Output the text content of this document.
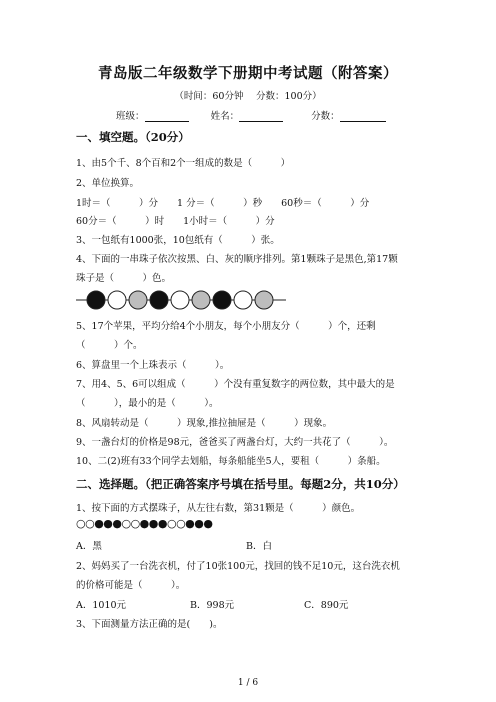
青岛版二年级数学下册期中考试题（附答案）
（时间：60分钟　 分数：100分）
班级：	姓名：	分数：
一、填空题。（20分）
1、由5个千、8个百和2个一组成的数是（　　　）
2、单位换算。
1时＝（　　　）分　　1 分＝（　　　）秒　　60秒＝（　　　）分
60分＝（　　　）时　　1小时＝（　　　）分
3、一包纸有1000张，10包纸有（　　　）张。
4、下面的一串珠子依次按黑、白、灰的顺序排列。第1颗珠子是黑色,第17颗
珠子是（　　　）色。
5、17个苹果，平均分给4个小朋友，每个小朋友分（　　　）个，还剩
（　　　）个。
6、算盘里一个上珠表示（　　　）。
7、用4、5、6可以组成（　　　）个没有重复数字的两位数，其中最大的是
（　　　），最小的是（　　　）。
8、风扇转动是（　　　）现象,推拉抽屉是（　　　）现象。
9、一盏台灯的价格是98元，爸爸买了两盏台灯，大约一共花了（　　　）。
10、二(2)班有33个同学去划船，每条船能坐5人，要租（　　　）条船。
二、选择题。（把正确答案序号填在括号里。每题2分，共10分）
1、按下面的方式摆珠子，从左往右数，第31颗是（　　　）颜色。
○○●●●○○●●●○○●●●
A．黑	B．白
2、妈妈买了一台洗衣机，付了10张100元，找回的钱不足10元，这台洗衣机
的价格可能是（　　　）。
A．1010元	B．998元	C．890元
3、下面测量方法正确的是(　　)。
1 / 6
